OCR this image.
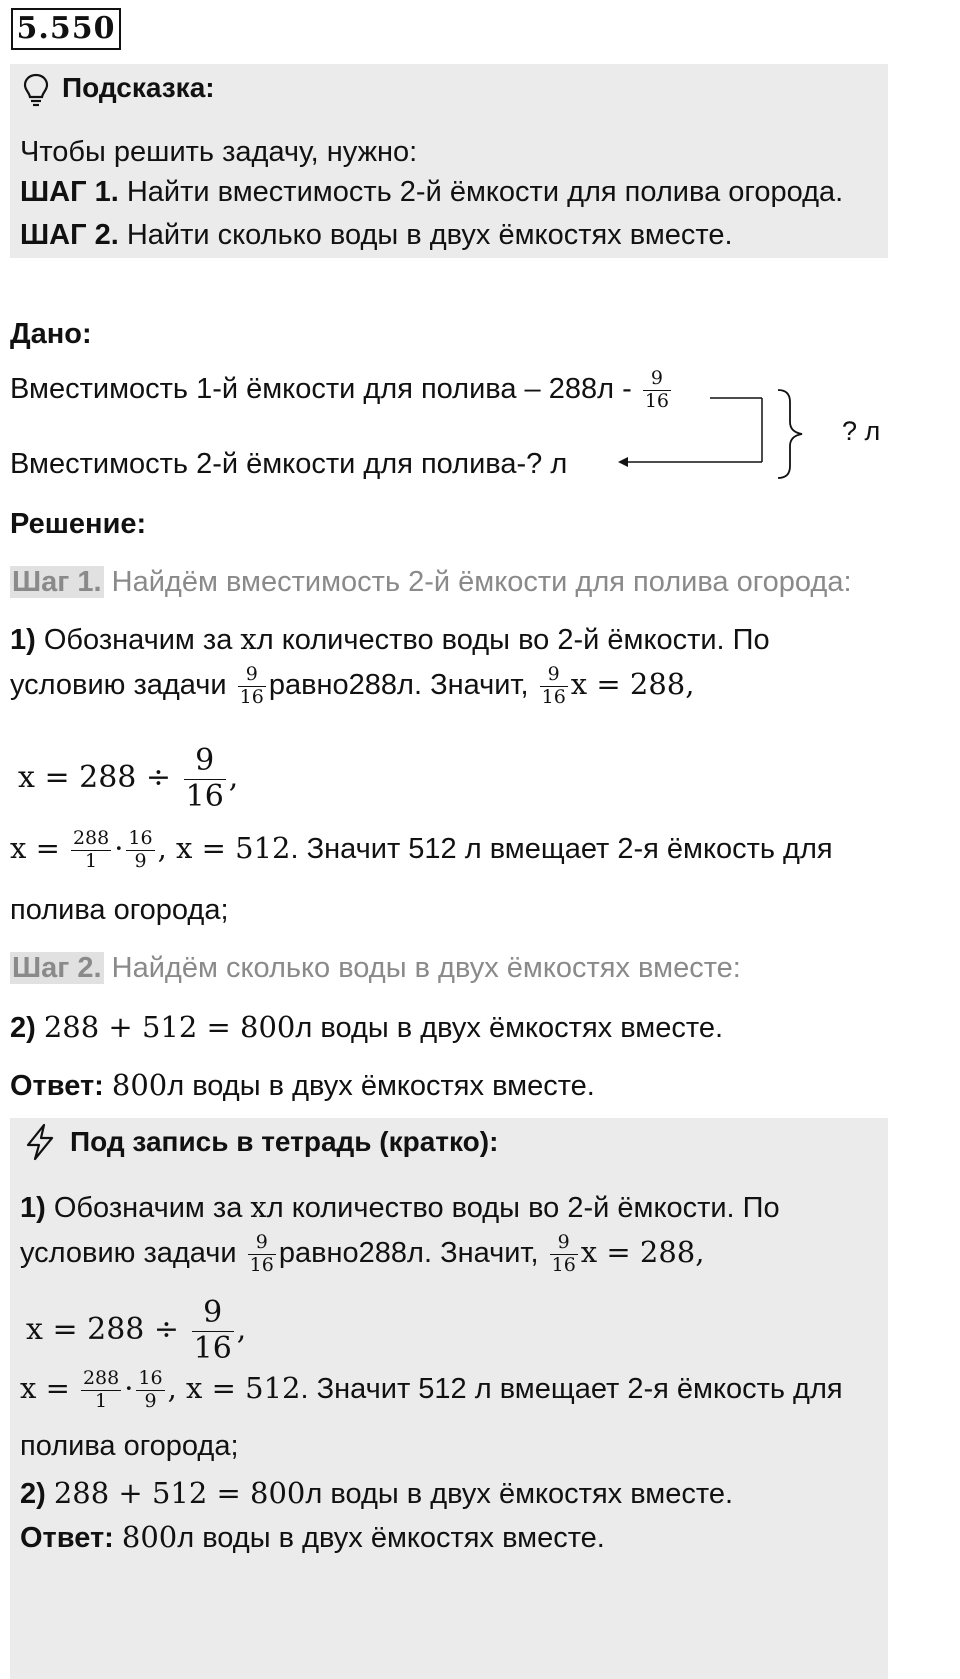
5.550
Подсказка:
Чтобы решить задачу, нужно:
ШАГ 1. Найти вместимость 2-й ёмкости для полива огорода.
ШАГ 2. Найти сколько воды в двух ёмкостях вместе.
Дано:
Вместимость 1-й ёмкости для полива – $288л - \frac{9}{16}$
Вместимость 2-й ёмкости для полива-? л
? л
Решение:
Шаг 1. Найдём вместимость 2-й ёмкости для полива огорода:
1) Обозначим за xл количество воды во 2-й ёмкости. По
условию задачи $\frac{9}{16}$ равно288л. Значит, $\frac{9}{16}$ x = 288,
$x = 288 \div \frac{9}{16}$ ,
$x = \frac{288}{1} \cdot \frac{16}{9}$ , x = 512. Значит 512 л вмещает 2-я ёмкость для
полива огорода;
Шаг 2. Найдём сколько воды в двух ёмкостях вместе:
2) 288 + 512 = 800л воды в двух ёмкостях вместе.
Ответ: 800л воды в двух ёмкостях вместе.
Под запись в тетрадь (кратко):
1) Обозначим за xл количество воды во 2-й ёмкости. По
условию задачи $\frac{9}{16}$ равно288л. Значит, $\frac{9}{16}$ x = 288,
$x = 288 \div \frac{9}{16}$ ,
$x = \frac{288}{1} \cdot \frac{16}{9}$ , x = 512. Значит 512 л вмещает 2-я ёмкость для
полива огорода;
2) 288 + 512 = 800л воды в двух ёмкостях вместе.
Ответ: 800л воды в двух ёмкостях вместе.
